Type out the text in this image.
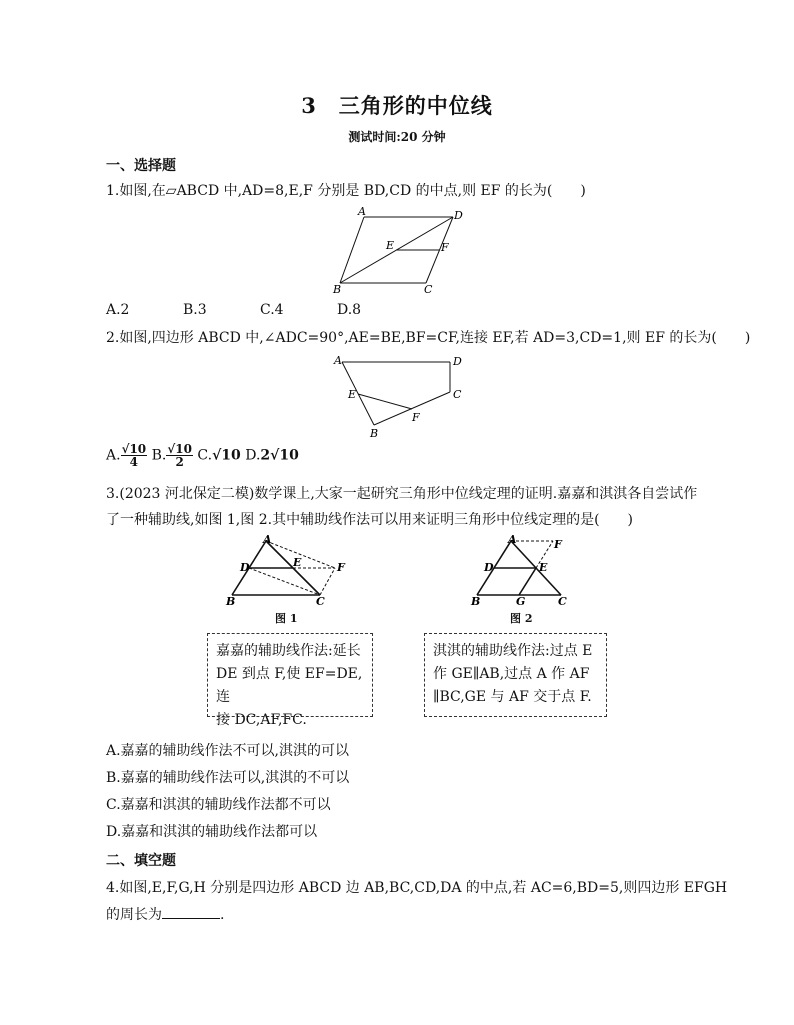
3　三角形的中位线
测试时间:20 分钟
一、选择题
1.如图,在▱ABCD 中,AD=8,E,F 分别是 BD,CD 的中点,则 EF 的长为(　　)
A	D
E	F
B	C
A.2	B.3	C.4	D.8
2.如图,四边形 ABCD 中,∠ADC=90°,AE=BE,BF=CF,连接 EF,若 AD=3,CD=1,则 EF 的长为(　　)
A	D
C
E
F
B
A. $\frac{√10}{4} B$. $\frac{√10}{2} C.√10$ D.2√10
3.(2023 河北保定二模)数学课上,大家一起研究三角形中位线定理的证明.嘉嘉和淇淇各自尝试作
了一种辅助线,如图 1,图 2.其中辅助线作法可以用来证明三角形中位线定理的是(　　)
A
D	E	F
B	C
图 1
A	F
D	E
B	G	C
图 2
嘉嘉的辅助线作法:延长
DE 到点 F,使 EF=DE,连
接 DC,AF,FC.
淇淇的辅助线作法:过点 E
作 GE∥AB,过点 A 作 AF
∥BC,GE 与 AF 交于点 F.
A.嘉嘉的辅助线作法不可以,淇淇的可以
B.嘉嘉的辅助线作法可以,淇淇的不可以
C.嘉嘉和淇淇的辅助线作法都不可以
D.嘉嘉和淇淇的辅助线作法都可以
二、填空题
4.如图,E,F,G,H 分别是四边形 ABCD 边 AB,BC,CD,DA 的中点,若 AC=6,BD=5,则四边形 EFGH
的周长为	.
